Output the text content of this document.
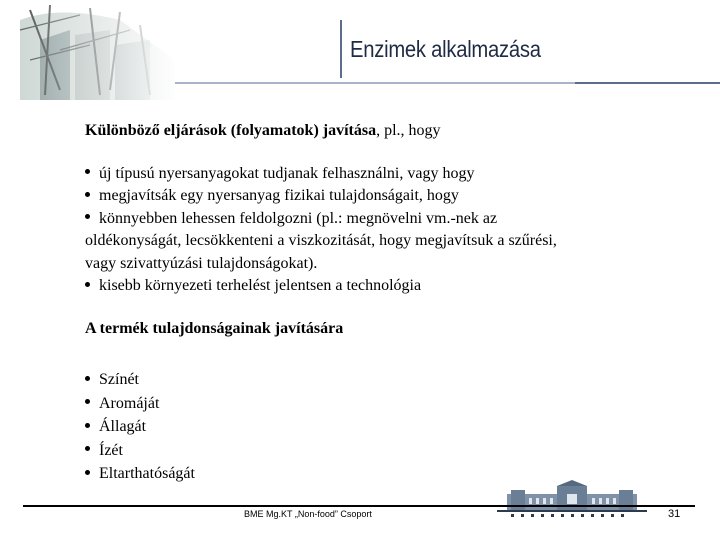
Enzimek alkalmazása
Különböző eljárások (folyamatok) javítása, pl., hogy
új típusú nyersanyagokat tudjanak felhasználni, vagy hogy
megjavítsák egy nyersanyag fizikai tulajdonságait, hogy
könnyebben lehessen feldolgozni (pl.: megnövelni vm.-nek az
oldékonyságát, lecsökkenteni a viszkozitását, hogy megjavítsuk a szűrési,
vagy szivattyúzási tulajdonságokat).
kisebb környezeti terhelést jelentsen a technológia
A termék tulajdonságainak javítására
Színét
Aromáját
Állagát
Ízét
Eltarthatóságát
BME Mg.KT „Non-food” Csoport	31
